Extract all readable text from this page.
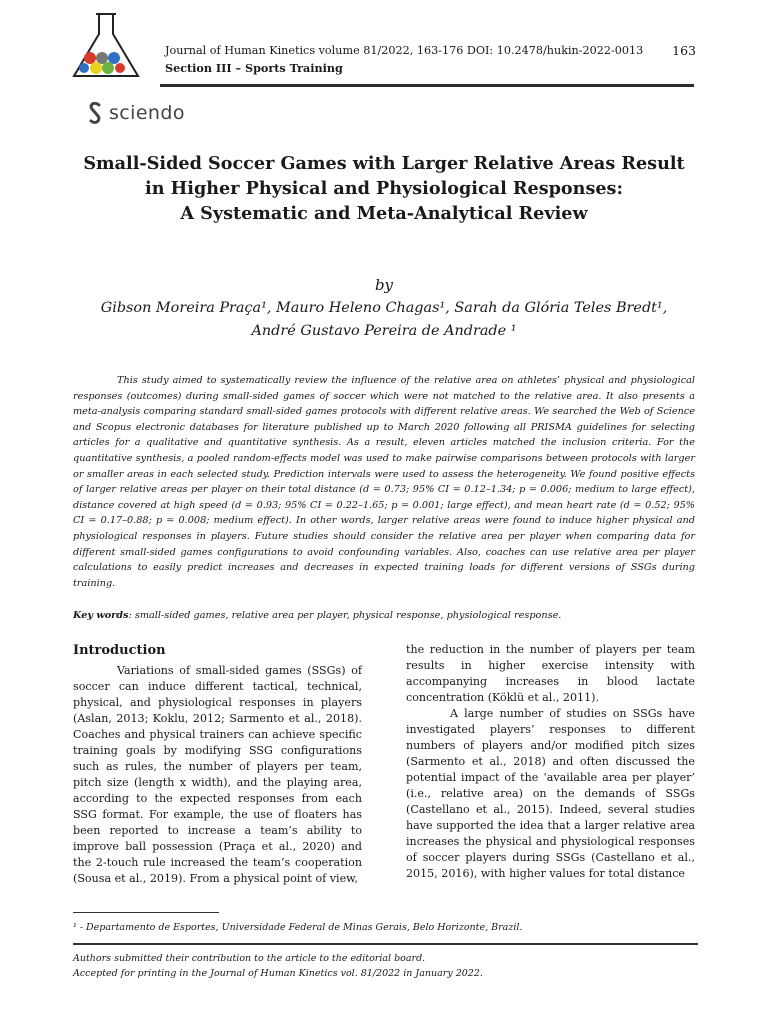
Journal of Human Kinetics volume 81/2022, 163-176 DOI: 10.2478/hukin-2022-0013 163
Section III – Sports Training
sciendo
Small-Sided Soccer Games with Larger Relative Areas Result
in Higher Physical and Physiological Responses:
A Systematic and Meta-Analytical Review
by
Gibson Moreira Praça¹, Mauro Heleno Chagas¹, Sarah da Glória Teles Bredt¹,
André Gustavo Pereira de Andrade ¹
This study aimed to systematically review the influence of the relative area on athletes’ physical and physiological responses (outcomes) during small-sided games of soccer which were not matched to the relative area. It also presents a meta-analysis comparing standard small-sided games protocols with different relative areas. We searched the Web of Science and Scopus electronic databases for literature published up to March 2020 following all PRISMA guidelines for selecting articles for a qualitative and quantitative synthesis. As a result, eleven articles matched the inclusion criteria. For the quantitative synthesis, a pooled random-effects model was used to make pairwise comparisons between protocols with larger or smaller areas in each selected study. Prediction intervals were used to assess the heterogeneity. We found positive effects of larger relative areas per player on their total distance (d = 0.73; 95% CI = 0.12–1.34; p = 0.006; medium to large effect), distance covered at high speed (d = 0.93; 95% CI = 0.22–1.65; p = 0.001; large effect), and mean heart rate (d = 0.52; 95% CI = 0.17–0.88; p = 0.008; medium effect). In other words, larger relative areas were found to induce higher physical and physiological responses in players. Future studies should consider the relative area per player when comparing data for different small-sided games configurations to avoid confounding variables. Also, coaches can use relative area per player calculations to easily predict increases and decreases in expected training loads for different versions of SSGs during training.
Key words: small-sided games, relative area per player, physical response, physiological response.
Introduction

Variations of small-sided games (SSGs) of soccer can induce different tactical, technical, physical, and physiological responses in players (Aslan, 2013; Koklu, 2012; Sarmento et al., 2018). Coaches and physical trainers can achieve specific training goals by modifying SSG configurations such as rules, the number of players per team, pitch size (length x width), and the playing area, according to the expected responses from each SSG format. For example, the use of floaters has been reported to increase a team’s ability to improve ball possession (Praça et al., 2020) and the 2-touch rule increased the team’s cooperation (Sousa et al., 2019). From a physical point of view,

the reduction in the number of players per team results in higher exercise intensity with accompanying increases in blood lactate concentration (Köklü et al., 2011).

A large number of studies on SSGs have investigated players’ responses to different numbers of players and/or modified pitch sizes (Sarmento et al., 2018) and often discussed the potential impact of the ‘available area per player’ (i.e., relative area) on the demands of SSGs (Castellano et al., 2015). Indeed, several studies have supported the idea that a larger relative area increases the physical and physiological responses of soccer players during SSGs (Castellano et al., 2015, 2016), with higher values for total distance

¹ - Departamento de Esportes, Universidade Federal de Minas Gerais, Belo Horizonte, Brazil.
Authors submitted their contribution to the article to the editorial board.
Accepted for printing in the Journal of Human Kinetics vol. 81/2022 in January 2022.
